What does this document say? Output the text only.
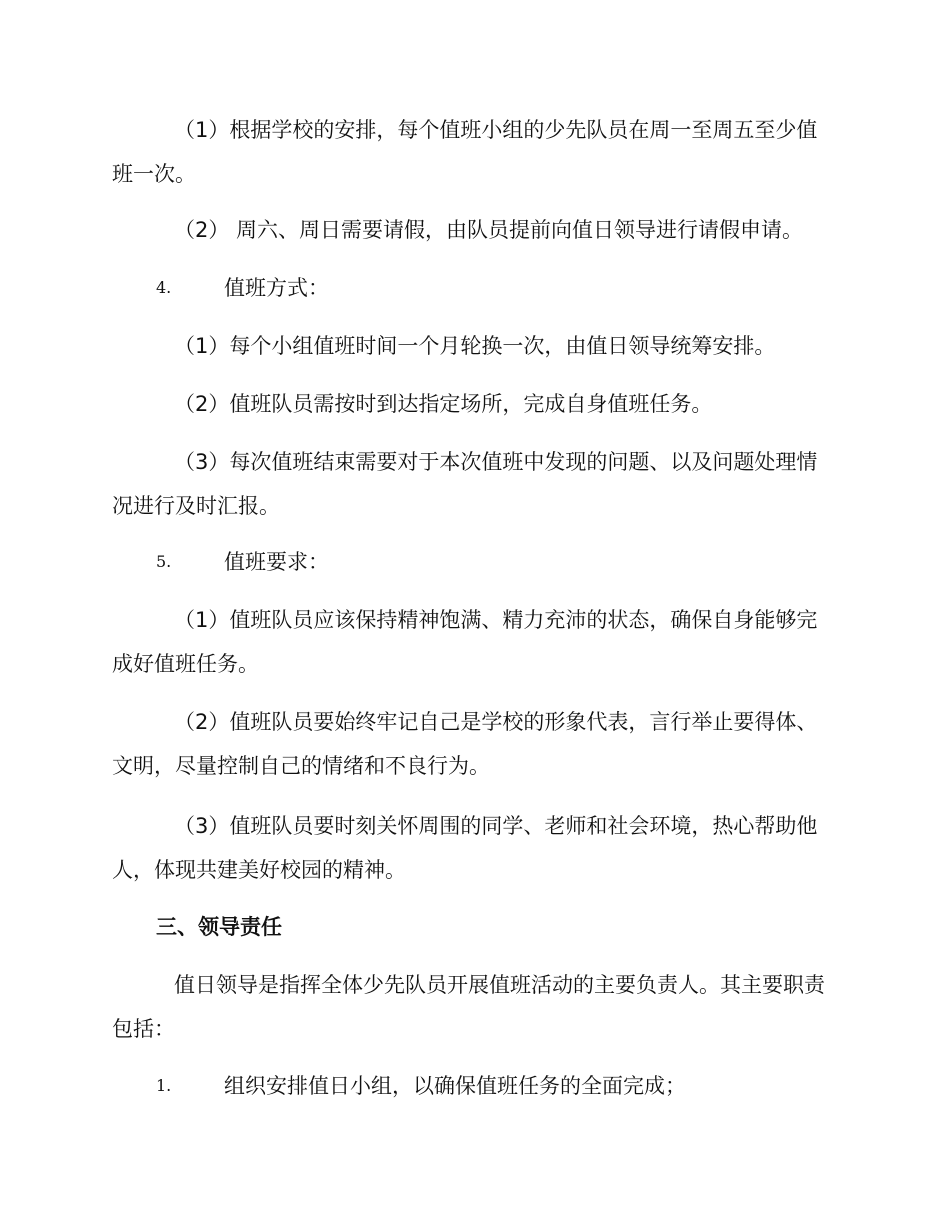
（1）根据学校的安排，每个值班小组的少先队员在周一至周五至少值班一次。

（2） 周六、周日需要请假，由队员提前向值日领导进行请假申请。

4.	值班方式：

（1）每个小组值班时间一个月轮换一次，由值日领导统筹安排。

（2）值班队员需按时到达指定场所，完成自身值班任务。

（3）每次值班结束需要对于本次值班中发现的问题、以及问题处理情况进行及时汇报。

5.	值班要求：

（1）值班队员应该保持精神饱满、精力充沛的状态，确保自身能够完成好值班任务。

（2）值班队员要始终牢记自己是学校的形象代表，言行举止要得体、文明，尽量控制自己的情绪和不良行为。

（3）值班队员要时刻关怀周围的同学、老师和社会环境，热心帮助他人，体现共建美好校园的精神。

三、领导责任

值日领导是指挥全体少先队员开展值班活动的主要负责人。其主要职责包括：

1.	组织安排值日小组，以确保值班任务的全面完成；
